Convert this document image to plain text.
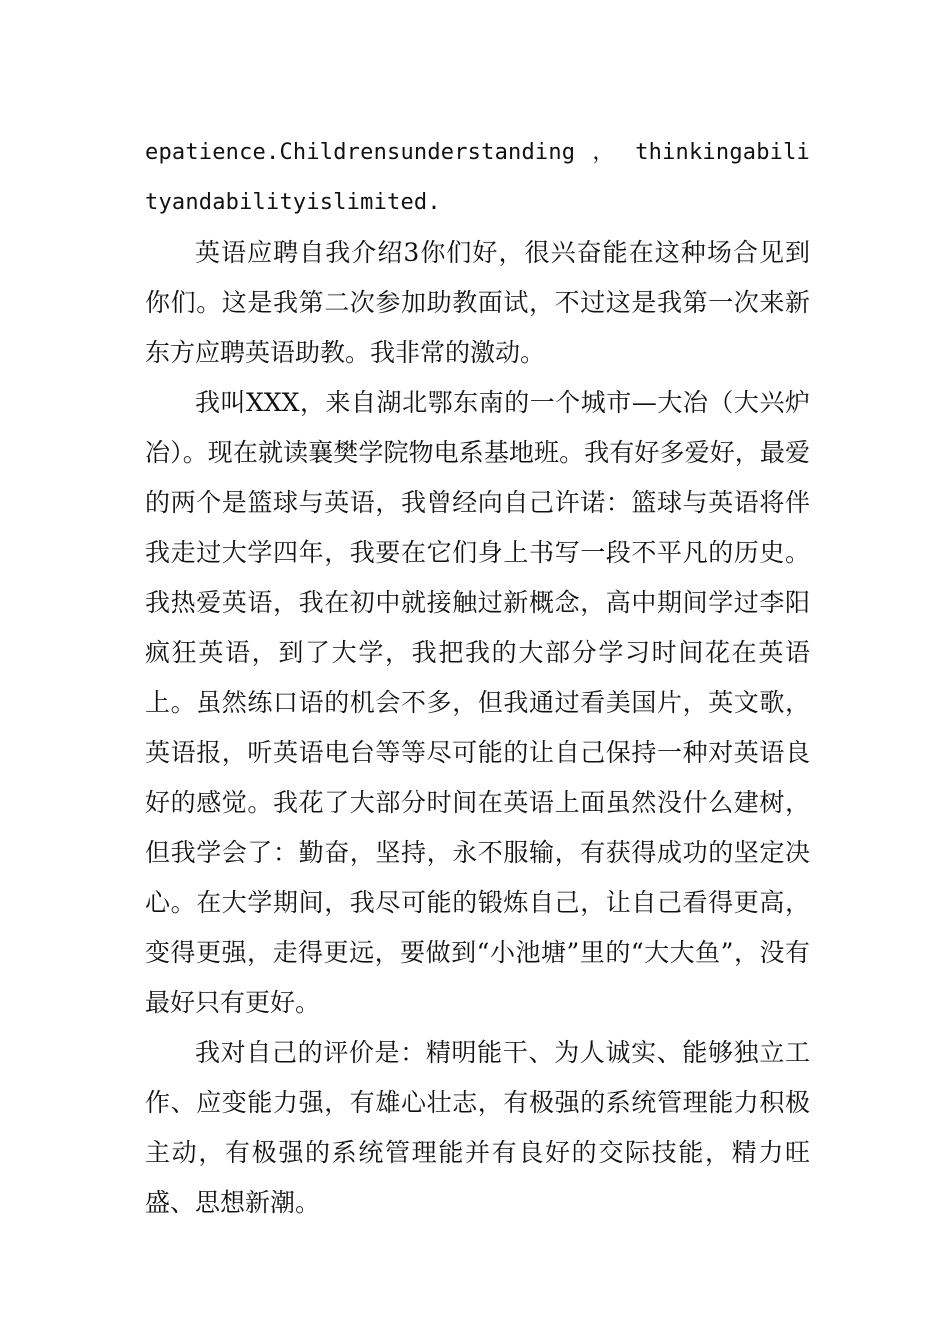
epatience.Childrensunderstanding ， thinkingabilityandabilityislimited.

英语应聘自我介绍3你们好，很兴奋能在这种场合见到你们。这是我第二次参加助教面试，不过这是我第一次来新东方应聘英语助教。我非常的激动。

我叫XXX，来自湖北鄂东南的一个城市—大冶（大兴炉冶）。现在就读襄樊学院物电系基地班。我有好多爱好，最爱的两个是篮球与英语，我曾经向自己许诺：篮球与英语将伴我走过大学四年，我要在它们身上书写一段不平凡的历史。我热爱英语，我在初中就接触过新概念，高中期间学过李阳疯狂英语，到了大学，我把我的大部分学习时间花在英语上。虽然练口语的机会不多，但我通过看美国片，英文歌，英语报，听英语电台等等尽可能的让自己保持一种对英语良好的感觉。我花了大部分时间在英语上面虽然没什么建树，但我学会了：勤奋，坚持，永不服输，有获得成功的坚定决心。在大学期间，我尽可能的锻炼自己，让自己看得更高，变得更强，走得更远，要做到“小池塘”里的“大大鱼”，没有最好只有更好。

我对自己的评价是：精明能干、为人诚实、能够独立工作、应变能力强，有雄心壮志，有极强的系统管理能力积极主动，有极强的系统管理能并有良好的交际技能，精力旺盛、思想新潮。
